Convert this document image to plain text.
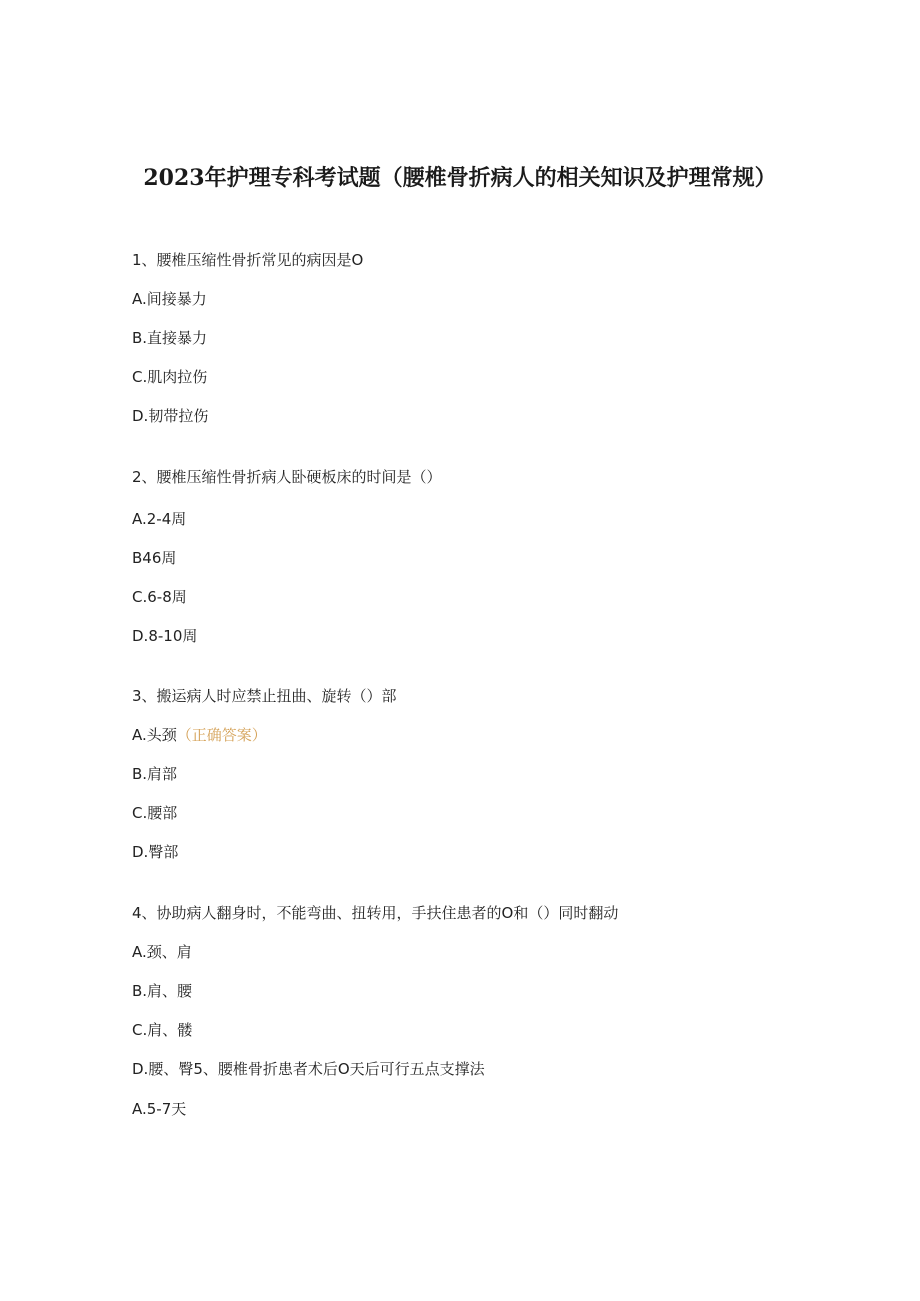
2023年护理专科考试题（腰椎骨折病人的相关知识及护理常规）
1、腰椎压缩性骨折常见的病因是O
A.间接暴力
B.直接暴力
C.肌肉拉伤
D.韧带拉伤
2、腰椎压缩性骨折病人卧硬板床的时间是（）
A.2-4周
B46周
C.6-8周
D.8-10周
3、搬运病人时应禁止扭曲、旋转（）部
A.头颈（正确答案）
B.肩部
C.腰部
D.臀部
4、协助病人翻身时，不能弯曲、扭转用，手扶住患者的O和（）同时翻动
A.颈、肩
B.肩、腰
C.肩、髅
D.腰、臀5、腰椎骨折患者术后O天后可行五点支撑法
A.5-7天
